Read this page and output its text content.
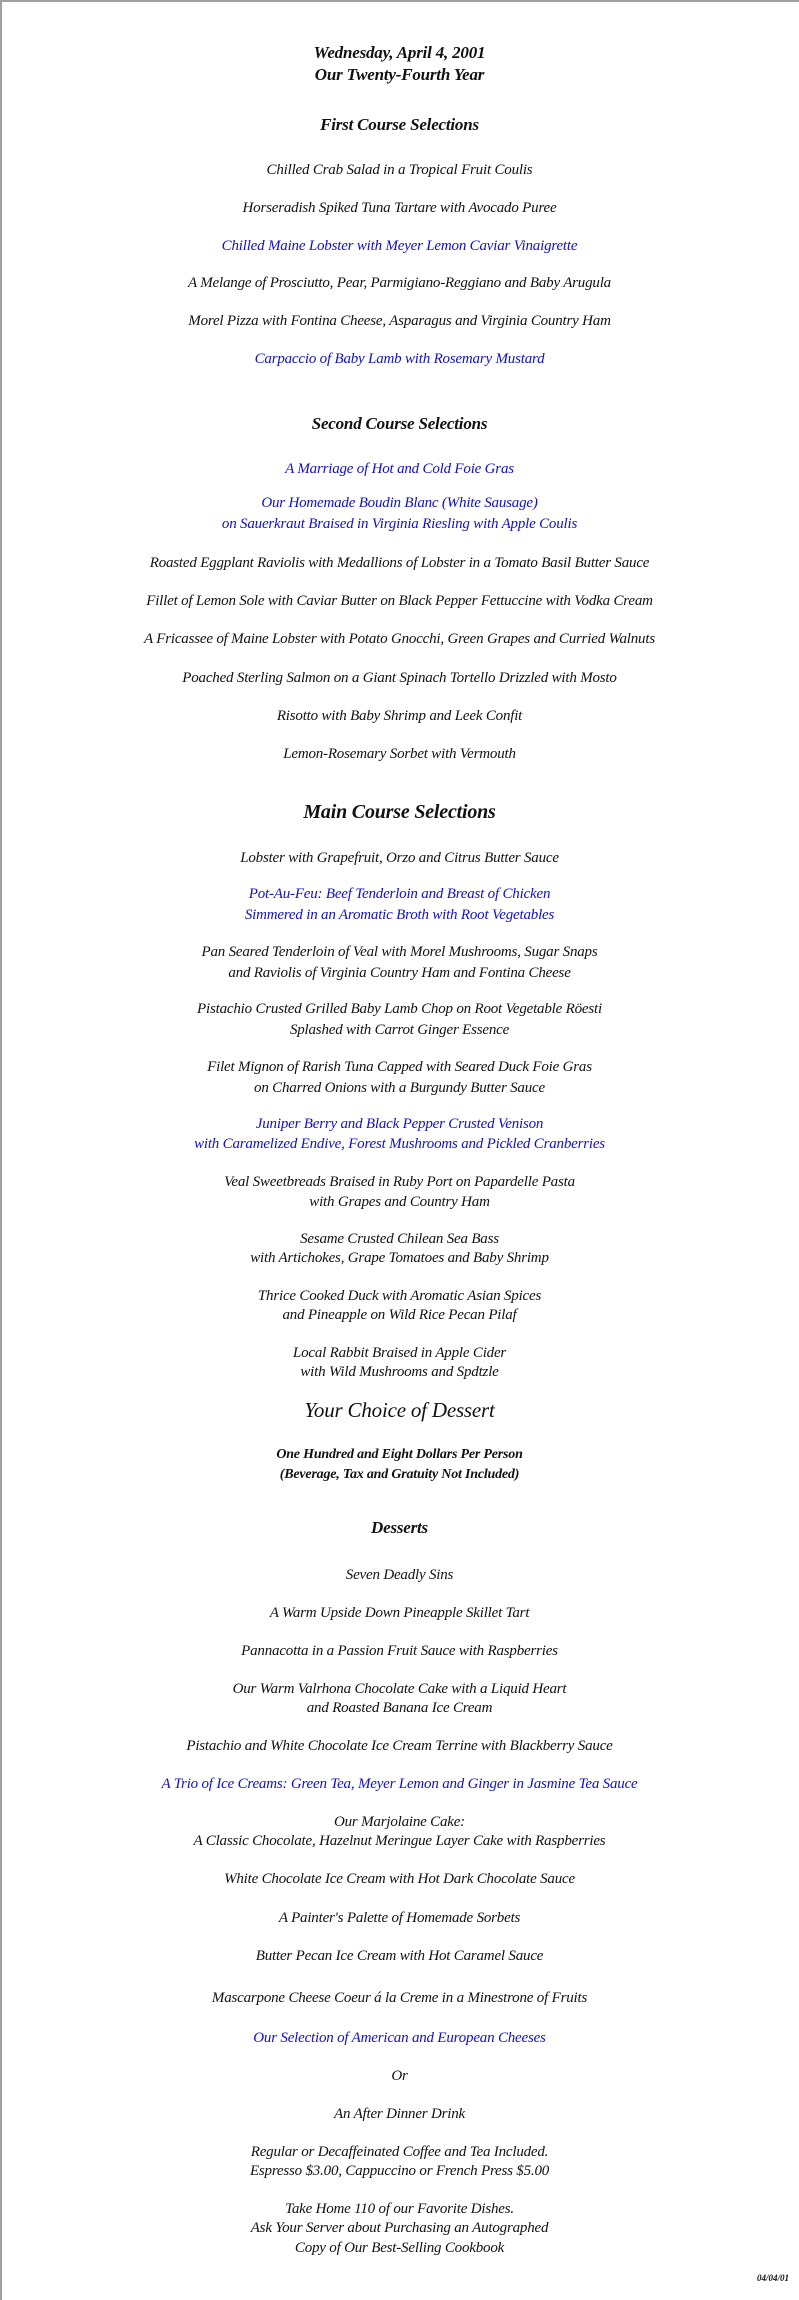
Wednesday, April 4, 2001
Our Twenty-Fourth Year
First Course Selections
Chilled Crab Salad in a Tropical Fruit Coulis
Horseradish Spiked Tuna Tartare with Avocado Puree
Chilled Maine Lobster with Meyer Lemon Caviar Vinaigrette
A Melange of Prosciutto, Pear, Parmigiano-Reggiano and Baby Arugula
Morel Pizza with Fontina Cheese, Asparagus and Virginia Country Ham
Carpaccio of Baby Lamb with Rosemary Mustard
Second Course Selections
A Marriage of Hot and Cold Foie Gras
Our Homemade Boudin Blanc (White Sausage)
on Sauerkraut Braised in Virginia Riesling with Apple Coulis
Roasted Eggplant Raviolis with Medallions of Lobster in a Tomato Basil Butter Sauce
Fillet of Lemon Sole with Caviar Butter on Black Pepper Fettuccine with Vodka Cream
A Fricassee of Maine Lobster with Potato Gnocchi, Green Grapes and Curried Walnuts
Poached Sterling Salmon on a Giant Spinach Tortello Drizzled with Mosto
Risotto with Baby Shrimp and Leek Confit
Lemon-Rosemary Sorbet with Vermouth
Main Course Selections
Lobster with Grapefruit, Orzo and Citrus Butter Sauce
Pot-Au-Feu: Beef Tenderloin and Breast of Chicken
Simmered in an Aromatic Broth with Root Vegetables
Pan Seared Tenderloin of Veal with Morel Mushrooms, Sugar Snaps
and Raviolis of Virginia Country Ham and Fontina Cheese
Pistachio Crusted Grilled Baby Lamb Chop on Root Vegetable Röesti
Splashed with Carrot Ginger Essence
Filet Mignon of Rarish Tuna Capped with Seared Duck Foie Gras
on Charred Onions with a Burgundy Butter Sauce
Juniper Berry and Black Pepper Crusted Venison
with Caramelized Endive, Forest Mushrooms and Pickled Cranberries
Veal Sweetbreads Braised in Ruby Port on Papardelle Pasta
with Grapes and Country Ham
Sesame Crusted Chilean Sea Bass
with Artichokes, Grape Tomatoes and Baby Shrimp
Thrice Cooked Duck with Aromatic Asian Spices
and Pineapple on Wild Rice Pecan Pilaf
Local Rabbit Braised in Apple Cider
with Wild Mushrooms and Spdtzle
Your Choice of Dessert
One Hundred and Eight Dollars Per Person
(Beverage, Tax and Gratuity Not Included)
Desserts
Seven Deadly Sins
A Warm Upside Down Pineapple Skillet Tart
Pannacotta in a Passion Fruit Sauce with Raspberries
Our Warm Valrhona Chocolate Cake with a Liquid Heart
and Roasted Banana Ice Cream
Pistachio and White Chocolate Ice Cream Terrine with Blackberry Sauce
A Trio of Ice Creams: Green Tea, Meyer Lemon and Ginger in Jasmine Tea Sauce
Our Marjolaine Cake:
A Classic Chocolate, Hazelnut Meringue Layer Cake with Raspberries
White Chocolate Ice Cream with Hot Dark Chocolate Sauce
A Painter's Palette of Homemade Sorbets
Butter Pecan Ice Cream with Hot Caramel Sauce
Mascarpone Cheese Coeur á la Creme in a Minestrone of Fruits
Our Selection of American and European Cheeses
Or
An After Dinner Drink
Regular or Decaffeinated Coffee and Tea Included.
Espresso $3.00, Cappuccino or French Press $5.00
Take Home 110 of our Favorite Dishes.
Ask Your Server about Purchasing an Autographed
Copy of Our Best-Selling Cookbook
04/04/01
